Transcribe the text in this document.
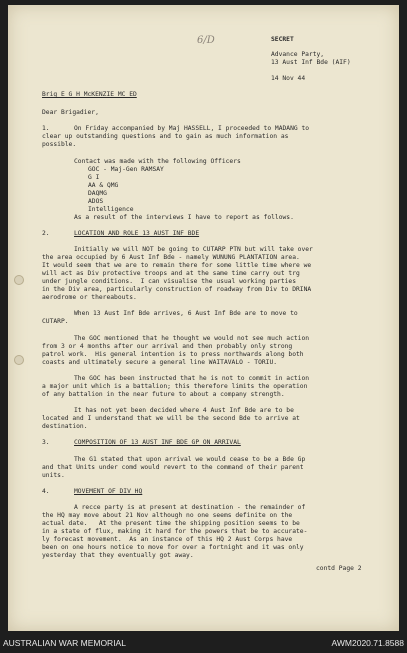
6/D	SECRET
Advance Party,
13 Aust Inf Bde (AIF)
14 Nov 44
Brig E G H McKENZIE MC ED
Dear Brigadier,
1.	On Friday accompanied by Maj HASSELL, I proceeded to MADANG to
clear up outstanding questions and to gain as much information as
possible.
Contact was made with the following Officers
GOC - Maj-Gen RAMSAY
G I
AA & QMG
DAQMG
ADOS
Intelligence
As a result of the interviews I have to report as follows.
2.	LOCATION AND ROLE 13 AUST INF BDE
Initially we will NOT be going to CUTARP PTN but will take over
the area occupied by 6 Aust Inf Bde - namely WUNUNG PLANTATION area.
It would seem that we are to remain there for some little time where we
will act as Div protective troops and at the same time carry out trg
under jungle conditions.  I can visualise the usual working parties
in the Div area, particularly construction of roadway from Div to DRINA
aerodrome or thereabouts.
When 13 Aust Inf Bde arrives, 6 Aust Inf Bde are to move to
CUTARP.
The GOC mentioned that he thought we would not see much action
from 3 or 4 months after our arrival and then probably only strong
patrol work.  His general intention is to press northwards along both
coasts and ultimately secure a general line WAITAVALO - TORIU.
The GOC has been instructed that he is not to commit in action
a major unit which is a battalion; this therefore limits the operation
of any battalion in the near future to about a company strength.
It has not yet been decided where 4 Aust Inf Bde are to be
located and I understand that we will be the second Bde to arrive at
destination.
3.	COMPOSITION OF 13 AUST INF BDE GP ON ARRIVAL
The G1 stated that upon arrival we would cease to be a Bde Gp
and that Units under comd would revert to the command of their parent
units.
4.	MOVEMENT OF DIV HQ
A recce party is at present at destination - the remainder of
the HQ may move about 21 Nov although no one seems definite on the
actual date.   At the present time the shipping position seems to be
in a state of flux, making it hard for the powers that be to accurate-
ly forecast movement.  As an instance of this HQ 2 Aust Corps have
been on one hours notice to move for over a fortnight and it was only
yesterday that they eventually got away.
contd Page 2
AUSTRALIAN WAR MEMORIAL	AWM2020.71.8588
